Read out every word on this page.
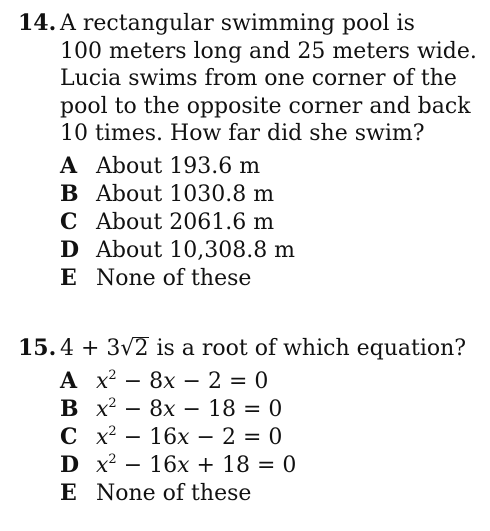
14. A rectangular swimming pool is
100 meters long and 25 meters wide.
Lucia swims from one corner of the
pool to the opposite corner and back
10 times. How far did she swim?
A About 193.6 m
B About 1030.8 m
C About 2061.6 m
D About 10,308.8 m
E None of these
15. 4 + 3√2 is a root of which equation?
A $x^2 - 8x - 2 = 0$
B $x^2 - 8x - 18 = 0$
C $x^2 - 16x - 2 = 0$
D $x^2 - 16x + 18 = 0$
E None of these
